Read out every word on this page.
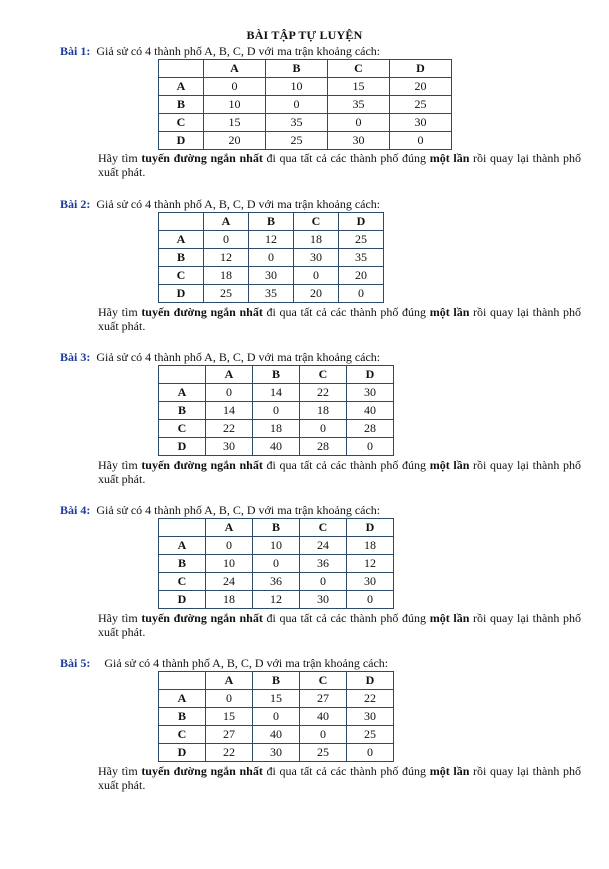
BÀI TẬP TỰ LUYỆN
Bài 1: Giả sử có 4 thành phố A, B, C, D với ma trận khoảng cách:
	A	B	C	D
A	0	10	15	20
B	10	0	35	25
C	15	35	0	30
D	20	25	30	0
Hãy tìm tuyến đường ngắn nhất đi qua tất cả các thành phố đúng một lần rồi quay lại thành phố xuất phát.
Bài 2: Giả sử có 4 thành phố A, B, C, D với ma trận khoảng cách:
	A	B	C	D
A	0	12	18	25
B	12	0	30	35
C	18	30	0	20
D	25	35	20	0
Hãy tìm tuyến đường ngắn nhất đi qua tất cả các thành phố đúng một lần rồi quay lại thành phố xuất phát.
Bài 3: Giả sử có 4 thành phố A, B, C, D với ma trận khoảng cách:
	A	B	C	D
A	0	14	22	30
B	14	0	18	40
C	22	18	0	28
D	30	40	28	0
Hãy tìm tuyến đường ngắn nhất đi qua tất cả các thành phố đúng một lần rồi quay lại thành phố xuất phát.
Bài 4: Giả sử có 4 thành phố A, B, C, D với ma trận khoảng cách:
	A	B	C	D
A	0	10	24	18
B	10	0	36	12
C	24	36	0	30
D	18	12	30	0
Hãy tìm tuyến đường ngắn nhất đi qua tất cả các thành phố đúng một lần rồi quay lại thành phố xuất phát.
Bài 5: Giả sử có 4 thành phố A, B, C, D với ma trận khoảng cách:
	A	B	C	D
A	0	15	27	22
B	15	0	40	30
C	27	40	0	25
D	22	30	25	0
Hãy tìm tuyến đường ngắn nhất đi qua tất cả các thành phố đúng một lần rồi quay lại thành phố xuất phát.
